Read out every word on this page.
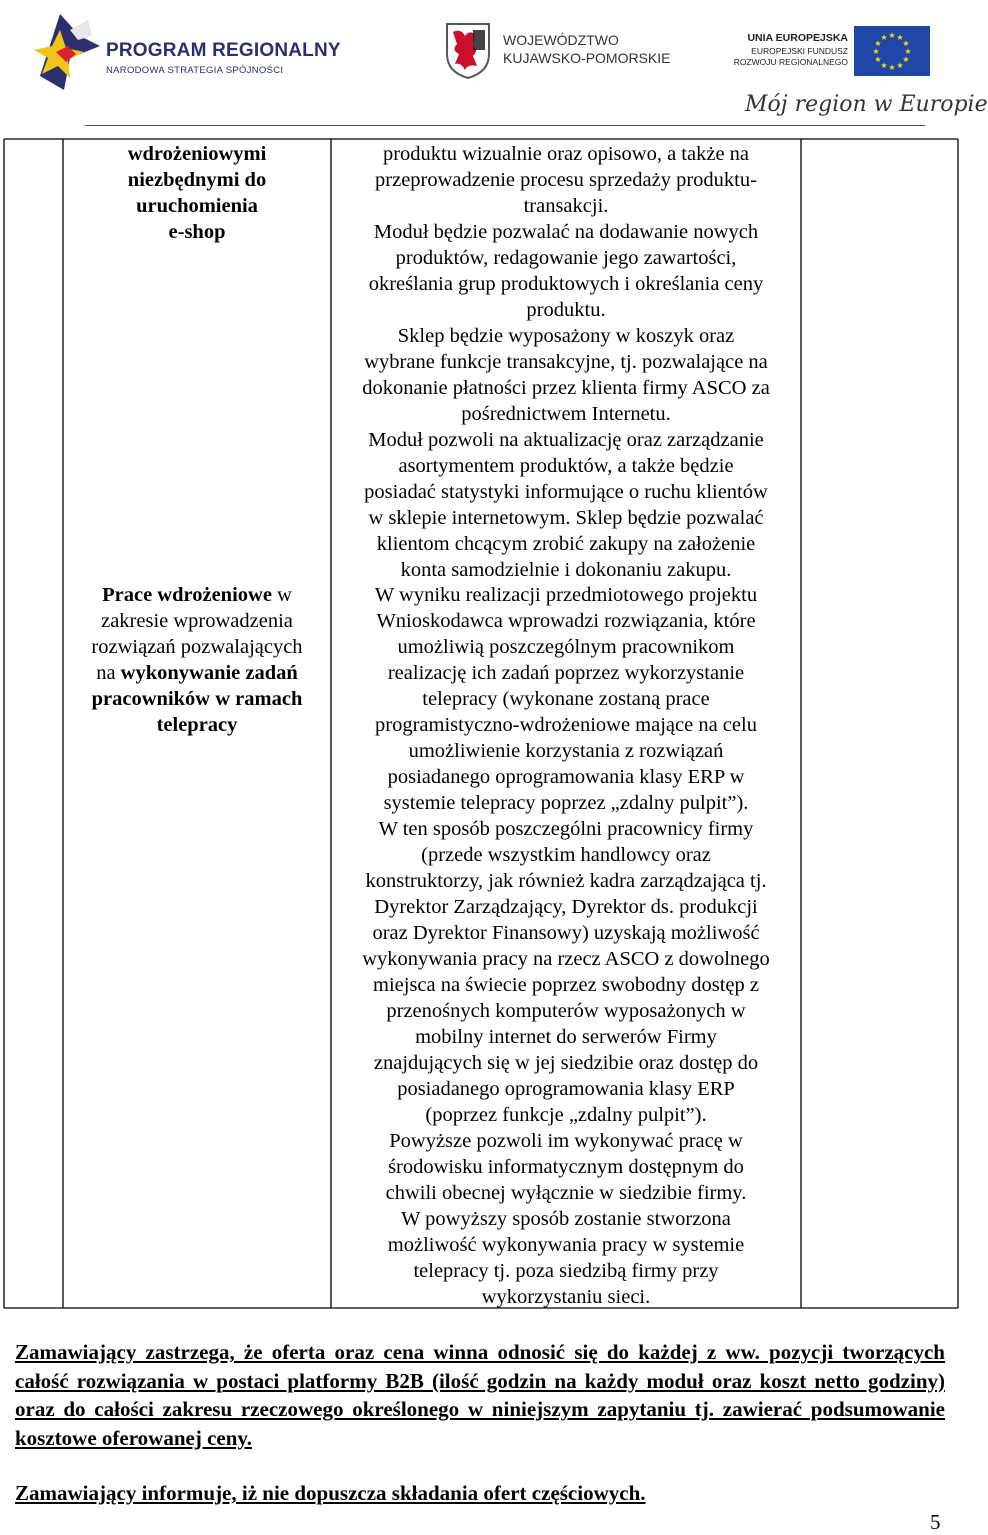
PROGRAM REGIONALNY
NARODOWA STRATEGIA SPÓJNOŚCI
WOJEWÓDZTWO
KUJAWSKO-POMORSKIE
UNIA EUROPEJSKA
EUROPEJSKI FUNDUSZ
ROZWOJU REGIONALNEGO
★ ★
★
★
★
★
★
★
★
★
★
★
Mój region w Europie

wdrożeniowymi

niezbędnymi do

uruchomienia

e-shop

produktu wizualnie oraz opisowo, a także na

przeprowadzenie procesu sprzedaży produktu-

transakcji.

Moduł będzie pozwalać na dodawanie nowych

produktów, redagowanie jego zawartości,

określania grup produktowych i określania ceny

produktu.

Sklep będzie wyposażony w koszyk oraz

wybrane funkcje transakcyjne, tj. pozwalające na

dokonanie płatności przez klienta firmy ASCO za

pośrednictwem Internetu.

Moduł pozwoli na aktualizację oraz zarządzanie

asortymentem produktów, a także będzie

posiadać statystyki informujące o ruchu klientów

w sklepie internetowym. Sklep będzie pozwalać

klientom chcącym zrobić zakupy na założenie

konta samodzielnie i dokonaniu zakupu.

Prace wdrożeniowe w

zakresie wprowadzenia

rozwiązań pozwalających

na wykonywanie zadań

pracowników w ramach

telepracy

W wyniku realizacji przedmiotowego projektu

Wnioskodawca wprowadzi rozwiązania, które

umożliwią poszczególnym pracownikom

realizację ich zadań poprzez wykorzystanie

telepracy (wykonane zostaną prace

programistyczno-wdrożeniowe mające na celu

umożliwienie korzystania z rozwiązań

posiadanego oprogramowania klasy ERP w

systemie telepracy poprzez „zdalny pulpit”).

W ten sposób poszczególni pracownicy firmy

(przede wszystkim handlowcy oraz

konstruktorzy, jak również kadra zarządzająca tj.

Dyrektor Zarządzający, Dyrektor ds. produkcji

oraz Dyrektor Finansowy) uzyskają możliwość

wykonywania pracy na rzecz ASCO z dowolnego

miejsca na świecie poprzez swobodny dostęp z

przenośnych komputerów wyposażonych w

mobilny internet do serwerów Firmy

znajdujących się w jej siedzibie oraz dostęp do

posiadanego oprogramowania klasy ERP

(poprzez funkcje „zdalny pulpit”).

Powyższe pozwoli im wykonywać pracę w

środowisku informatycznym dostępnym do

chwili obecnej wyłącznie w siedzibie firmy.

W powyższy sposób zostanie stworzona

możliwość wykonywania pracy w systemie

telepracy tj. poza siedzibą firmy przy

wykorzystaniu sieci.

Zamawiający zastrzega, że oferta oraz cena winna odnosić się do każdej z ww. pozycji tworzących całość rozwiązania w postaci platformy B2B (ilość godzin na każdy moduł oraz koszt netto godziny) oraz do całości zakresu rzeczowego określonego w niniejszym zapytaniu tj. zawierać podsumowanie kosztowe oferowanej ceny.

Zamawiający informuje, iż nie dopuszcza składania ofert częściowych.

5
